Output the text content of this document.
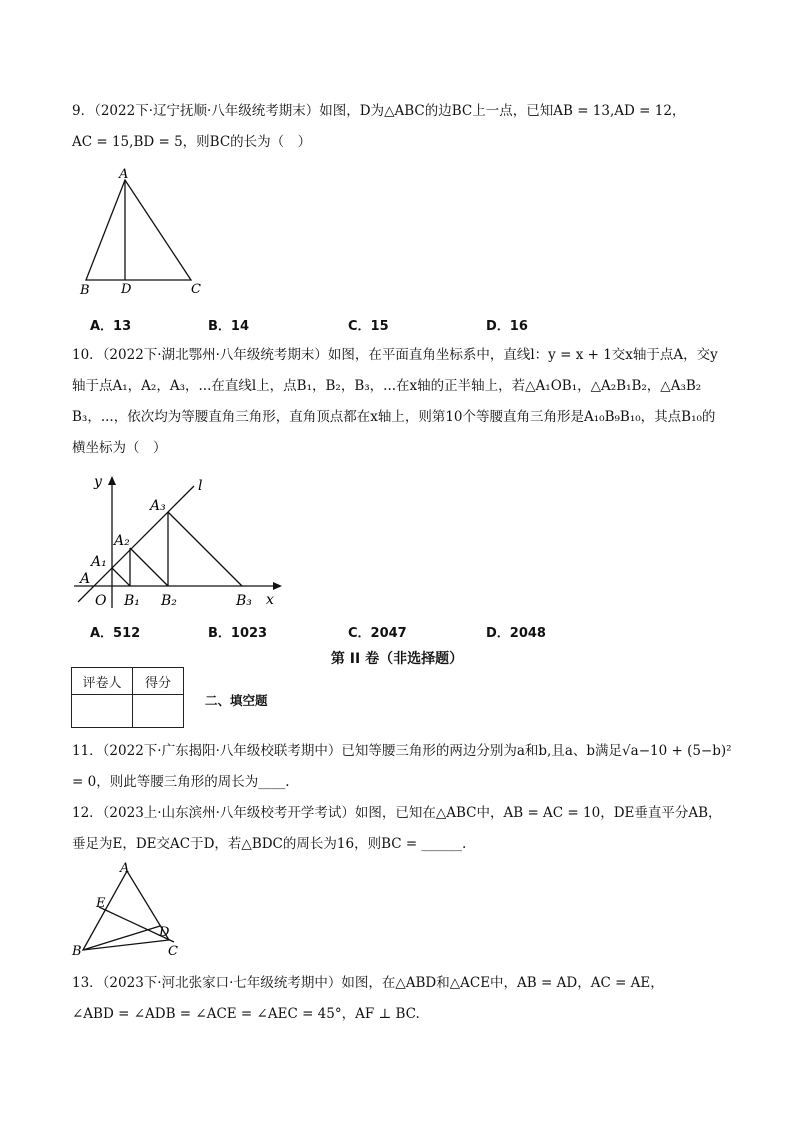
9．（2022下·辽宁抚顺·八年级统考期末）如图，D为△ABC的边BC上一点，已知AB = 13,AD = 12，
AC = 15,BD = 5，则BC的长为（　）
A
B D	C
A．13	B．14	C．15	D．16
10．（2022下·湖北鄂州·八年级统考期末）如图，在平面直角坐标系中，直线l：y = x + 1交x轴于点A，交y
轴于点A₁，A₂，A₃，...在直线l上，点B₁，B₂，B₃，...在x轴的正半轴上，若△A₁OB₁，△A₂B₁B₂，△A₃B₂
B₃，...，依次均为等腰直角三角形，直角顶点都在x轴上，则第10个等腰直角三角形是A₁₀B₉B₁₀，其点B₁₀的
横坐标为（　）
y	l
A₃
A₂
A₁
A
O B₁ B₂	B₃ x
A．512	B．1023	C．2047	D．2048
第 II 卷（非选择题）
评卷人	得分

二、填空题
11．（2022下·广东揭阳·八年级校联考期中）已知等腰三角形的两边分别为a和b,且a、b满足√a−10 + (5−b)²
= 0，则此等腰三角形的周长为____.
12．（2023上·山东滨州·八年级校考开学考试）如图，已知在△ABC中，AB = AC = 10，DE垂直平分AB，
垂足为E，DE交AC于D，若△BDC的周长为16，则BC = ______.
A
E
D
B	C
13．（2023下·河北张家口·七年级统考期中）如图，在△ABD和△ACE中，AB = AD，AC = AE，
∠ABD = ∠ADB = ∠ACE = ∠AEC = 45°，AF ⊥ BC.
